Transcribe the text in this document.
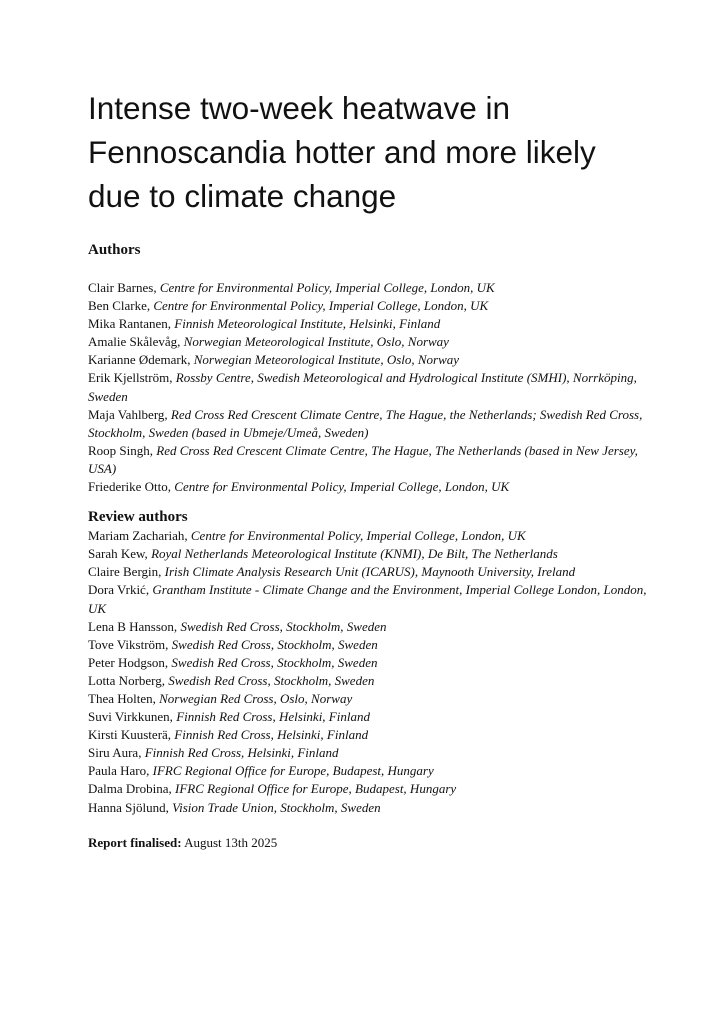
Intense two-week heatwave in
Fennoscandia hotter and more likely
due to climate change
Authors
Clair Barnes, Centre for Environmental Policy, Imperial College, London, UK
Ben Clarke, Centre for Environmental Policy, Imperial College, London, UK
Mika Rantanen, Finnish Meteorological Institute, Helsinki, Finland
Amalie Skålevåg, Norwegian Meteorological Institute, Oslo, Norway
Karianne Ødemark, Norwegian Meteorological Institute, Oslo, Norway
Erik Kjellström, Rossby Centre, Swedish Meteorological and Hydrological Institute (SMHI), Norrköping, Sweden
Maja Vahlberg, Red Cross Red Crescent Climate Centre, The Hague, the Netherlands; Swedish Red Cross, Stockholm, Sweden (based in Ubmeje/Umeå, Sweden)
Roop Singh, Red Cross Red Crescent Climate Centre, The Hague, The Netherlands (based in New Jersey, USA)
Friederike Otto, Centre for Environmental Policy, Imperial College, London, UK
Review authors
Mariam Zachariah, Centre for Environmental Policy, Imperial College, London, UK
Sarah Kew, Royal Netherlands Meteorological Institute (KNMI), De Bilt, The Netherlands
Claire Bergin, Irish Climate Analysis Research Unit (ICARUS), Maynooth University, Ireland
Dora Vrkić, Grantham Institute - Climate Change and the Environment, Imperial College London, London, UK
Lena B Hansson, Swedish Red Cross, Stockholm, Sweden
Tove Vikström, Swedish Red Cross, Stockholm, Sweden
Peter Hodgson, Swedish Red Cross, Stockholm, Sweden
Lotta Norberg, Swedish Red Cross, Stockholm, Sweden
Thea Holten, Norwegian Red Cross, Oslo, Norway
Suvi Virkkunen, Finnish Red Cross, Helsinki, Finland
Kirsti Kuusterä, Finnish Red Cross, Helsinki, Finland
Siru Aura, Finnish Red Cross, Helsinki, Finland
Paula Haro, IFRC Regional Office for Europe, Budapest, Hungary
Dalma Drobina, IFRC Regional Office for Europe, Budapest, Hungary
Hanna Sjölund, Vision Trade Union, Stockholm, Sweden
Report finalised: August 13th 2025
